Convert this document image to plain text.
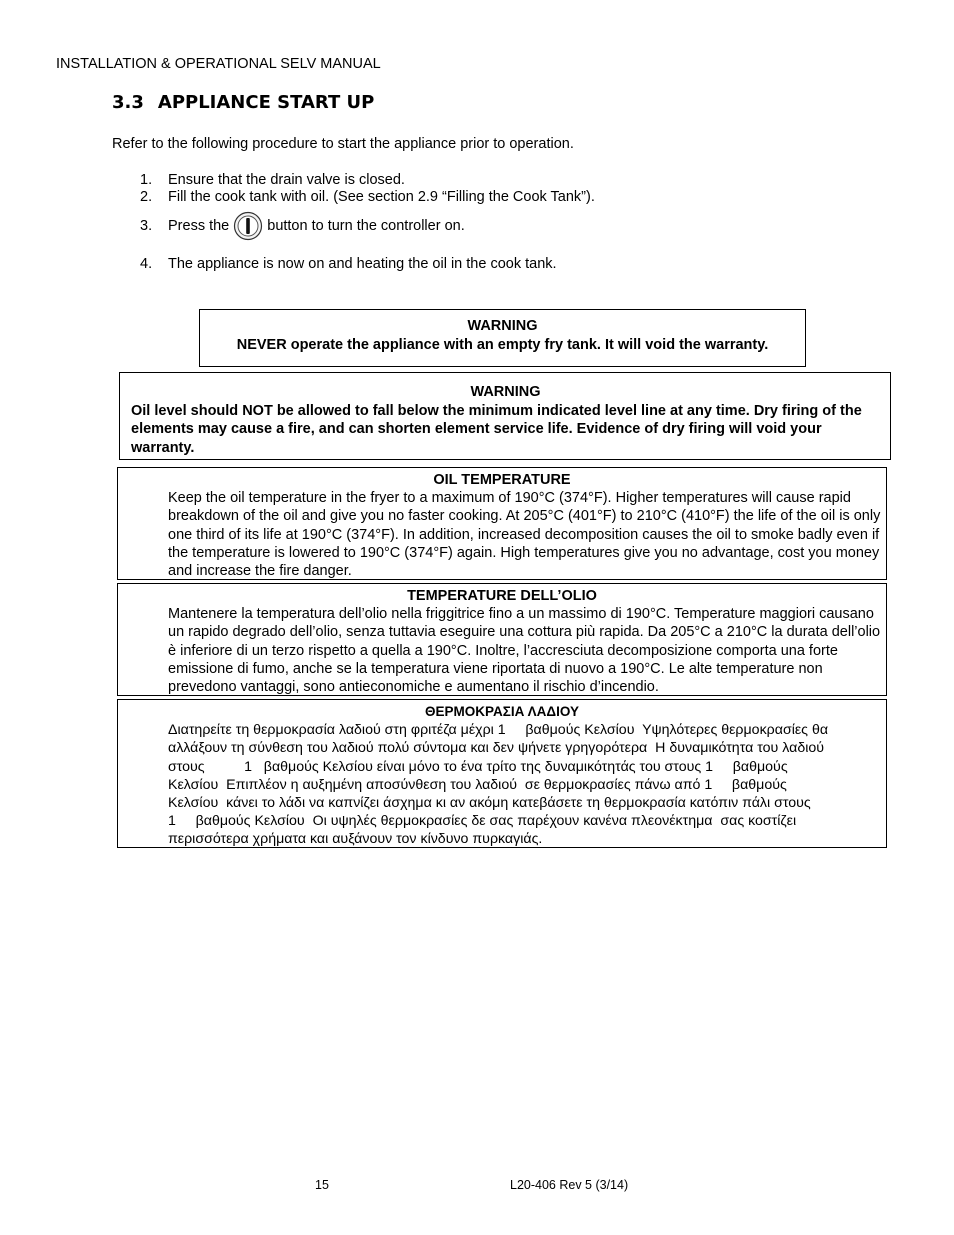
INSTALLATION & OPERATIONAL SELV MANUAL
3.3 APPLIANCE START UP
Refer to the following procedure to start the appliance prior to operation.
1. Ensure that the drain valve is closed.
2. Fill the cook tank with oil. (See section 2.9 “Filling the Cook Tank”).
3. Press the	button to turn the controller on.
4. The appliance is now on and heating the oil in the cook tank.
WARNING
NEVER operate the appliance with an empty fry tank. It will void the warranty.
WARNING
Oil level should NOT be allowed to fall below the minimum indicated level line at any time. Dry firing of the elements may cause a fire, and can shorten element service life. Evidence of dry firing will void your warranty.
OIL TEMPERATURE
Keep the oil temperature in the fryer to a maximum of 190°C (374°F). Higher temperatures will cause rapid breakdown of the oil and give you no faster cooking. At 205°C (401°F) to 210°C (410°F) the life of the oil is only one third of its life at 190°C (374°F). In addition, increased decomposition causes the oil to smoke badly even if the temperature is lowered to 190°C (374°F) again. High temperatures give you no advantage, cost you money and increase the fire danger.
TEMPERATURE DELL’OLIO
Mantenere la temperatura dell’olio nella friggitrice fino a un massimo di 190°C. Temperature maggiori causano un rapido degrado dell’olio, senza tuttavia eseguire una cottura più rapida. Da 205°C a 210°C la durata dell’olio è inferiore di un terzo rispetto a quella a 190°C. Inoltre, l’accresciuta decomposizione comporta una forte emissione di fumo, anche se la temperatura viene riportata di nuovo a 190°C. Le alte temperature non prevedono vantaggi, sono antieconomiche e aumentano il rischio d’incendio.
ΘΕΡΜΟΚΡΑΣΙΑ ΛΑΔΙΟΥ
Διατηρείτε τη θερμοκρασία λαδιού στη φριτέζα μέχρι 1     βαθμούς Κελσίου  Υψηλότερες θερμοκρασίες θα
αλλάξουν τη σύνθεση του λαδιού πολύ σύντομα και δεν ψήνετε γρηγορότερα  Η δυναμικότητα του λαδιού
στους          1   βαθμούς Κελσίου είναι μόνο το ένα τρίτο της δυναμικότητάς του στους 1     βαθμούς
Κελσίου  Επιπλέον η αυξημένη αποσύνθεση του λαδιού  σε θερμοκρασίες πάνω από 1     βαθμούς
Κελσίου  κάνει το λάδι να καπνίζει άσχημα κι αν ακόμη κατεβάσετε τη θερμοκρασία κατόπιν πάλι στους
1     βαθμούς Κελσίου  Οι υψηλές θερμοκρασίες δε σας παρέχουν κανένα πλεονέκτημα  σας κοστίζει
περισσότερα χρήματα και αυξάνουν τον κίνδυνο πυρκαγιάς.
15	L20-406 Rev 5 (3/14)
